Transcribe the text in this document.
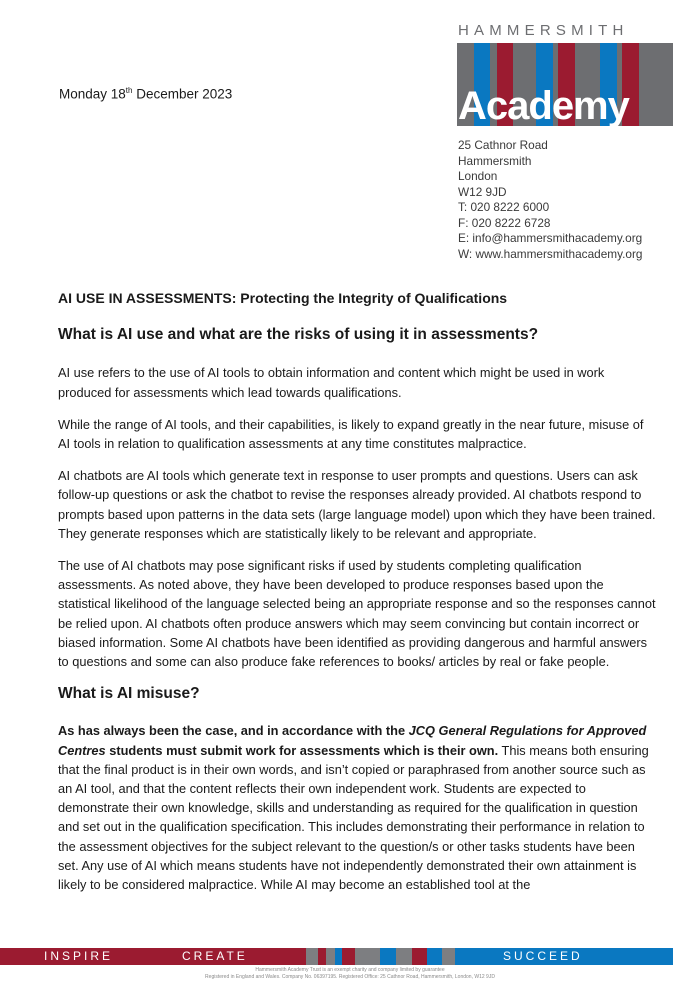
Monday 18th December 2023
HAMMERSMITH
Academy
25 Cathnor Road
Hammersmith
London
W12 9JD
T: 020 8222 6000
F: 020 8222 6728
E: info@hammersmithacademy.org
W: www.hammersmithacademy.org
AI USE IN ASSESSMENTS: Protecting the Integrity of Qualifications
What is AI use and what are the risks of using it in assessments?

AI use refers to the use of AI tools to obtain information and content which might be used in work produced for assessments which lead towards qualifications.

While the range of AI tools, and their capabilities, is likely to expand greatly in the near future, misuse of AI tools in relation to qualification assessments at any time constitutes malpractice.

AI chatbots are AI tools which generate text in response to user prompts and questions. Users can ask follow-up questions or ask the chatbot to revise the responses already provided. AI chatbots respond to prompts based upon patterns in the data sets (large language model) upon which they have been trained. They generate responses which are statistically likely to be relevant and appropriate.

The use of AI chatbots may pose significant risks if used by students completing qualification assessments. As noted above, they have been developed to produce responses based upon the statistical likelihood of the language selected being an appropriate response and so the responses cannot be relied upon. AI chatbots often produce answers which may seem convincing but contain incorrect or biased information. Some AI chatbots have been identified as providing dangerous and harmful answers to questions and some can also produce fake references to books/ articles by real or fake people.

What is AI misuse?

As has always been the case, and in accordance with the JCQ General Regulations for Approved Centres students must submit work for assessments which is their own. This means both ensuring that the final product is in their own words, and isn’t copied or paraphrased from another source such as an AI tool, and that the content reflects their own independent work. Students are expected to demonstrate their own knowledge, skills and understanding as required for the qualification in question and set out in the qualification specification. This includes demonstrating their performance in relation to the assessment objectives for the subject relevant to the question/s or other tasks students have been set. Any use of AI which means students have not independently demonstrated their own attainment is likely to be considered malpractice. While AI may become an established tool at the

INSPIRE	CREATE	SUCCEED
Hammersmith Academy Trust is an exempt charity and company limited by guarantee
Registered in England and Wales. Company No. 06397195. Registered Office: 25 Cathnor Road, Hammersmith, London, W12 9JD
